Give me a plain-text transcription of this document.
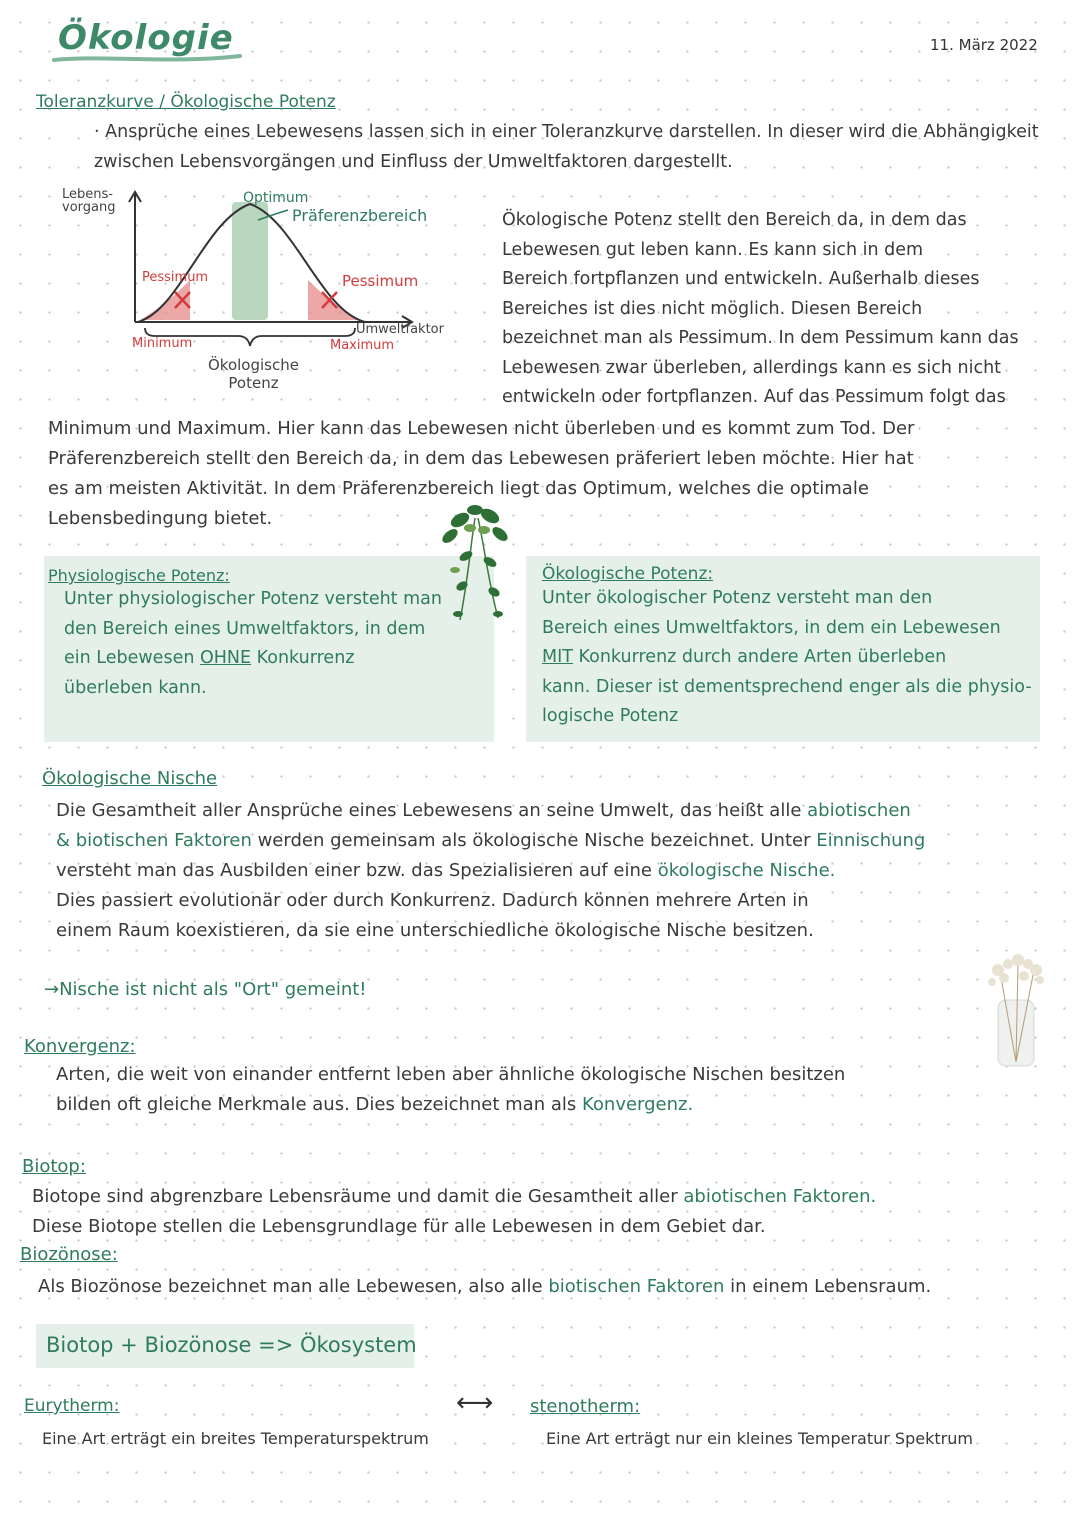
Ökologie	11. März 2022
Toleranzkurve / Ökologische Potenz
· Ansprüche eines Lebewesens lassen sich in einer Toleranzkurve darstellen. In dieser wird die Abhängigkeit
zwischen Lebensvorgängen und Einfluss der Umweltfaktoren dargestellt.
Lebens-
vorgang
Optimum
Präferenzbereich
Pessimum	Pessimum
Minimum
Umweltfaktor
Maximum
Ökologische
Potenz
Ökologische Potenz stellt den Bereich da, in dem das
Lebewesen gut leben kann. Es kann sich in dem
Bereich fortpflanzen und entwickeln. Außerhalb dieses
Bereiches ist dies nicht möglich. Diesen Bereich
bezeichnet man als Pessimum. In dem Pessimum kann das
Lebewesen zwar überleben, allerdings kann es sich nicht
entwickeln oder fortpflanzen. Auf das Pessimum folgt das
Minimum und Maximum. Hier kann das Lebewesen nicht überleben und es kommt zum Tod. Der
Präferenzbereich stellt den Bereich da, in dem das Lebewesen präferiert leben möchte. Hier hat
es am meisten Aktivität. In dem Präferenzbereich liegt das Optimum, welches die optimale
Lebensbedingung bietet.
Physiologische Potenz:
Unter physiologischer Potenz versteht man
den Bereich eines Umweltfaktors, in dem
ein Lebewesen OHNE Konkurrenz
überleben kann.
Ökologische Potenz:
Unter ökologischer Potenz versteht man den
Bereich eines Umweltfaktors, in dem ein Lebewesen
MIT Konkurrenz durch andere Arten überleben
kann. Dieser ist dementsprechend enger als die physio-
logische Potenz
Ökologische Nische
Die Gesamtheit aller Ansprüche eines Lebewesens an seine Umwelt, das heißt alle abiotischen
& biotischen Faktoren werden gemeinsam als ökologische Nische bezeichnet. Unter Einnischung
versteht man das Ausbilden einer bzw. das Spezialisieren auf eine ökologische Nische.
Dies passiert evolutionär oder durch Konkurrenz. Dadurch können mehrere Arten in
einem Raum koexistieren, da sie eine unterschiedliche ökologische Nische besitzen.
→Nische ist nicht als "Ort" gemeint!
Konvergenz:
Arten, die weit von einander entfernt leben aber ähnliche ökologische Nischen besitzen
bilden oft gleiche Merkmale aus. Dies bezeichnet man als Konvergenz.
Biotop:
Biotope sind abgrenzbare Lebensräume und damit die Gesamtheit aller abiotischen Faktoren.
Diese Biotope stellen die Lebensgrundlage für alle Lebewesen in dem Gebiet dar.
Biozönose:
Als Biozönose bezeichnet man alle Lebewesen, also alle biotischen Faktoren in einem Lebensraum.
Biotop + Biozönose => Ökosystem
Eurytherm:
Eine Art erträgt ein breites Temperaturspektrum
⟷ stenotherm:
Eine Art erträgt nur ein kleines Temperatur Spektrum
